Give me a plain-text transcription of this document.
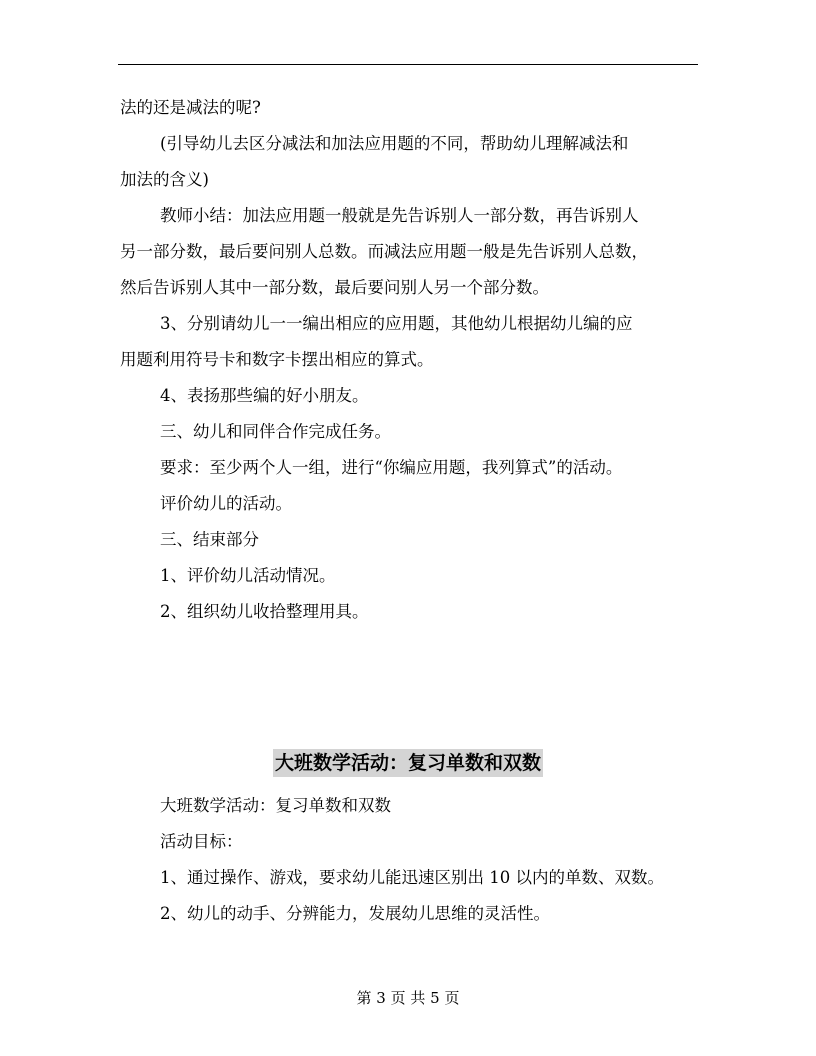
法的还是减法的呢?
(引导幼儿去区分减法和加法应用题的不同，帮助幼儿理解减法和
加法的含义)
教师小结：加法应用题一般就是先告诉别人一部分数，再告诉别人
另一部分数，最后要问别人总数。而减法应用题一般是先告诉别人总数，
然后告诉别人其中一部分数，最后要问别人另一个部分数。
3、分别请幼儿一一编出相应的应用题，其他幼儿根据幼儿编的应
用题利用符号卡和数字卡摆出相应的算式。
4、表扬那些编的好小朋友。
三、幼儿和同伴合作完成任务。
要求：至少两个人一组，进行“你编应用题，我列算式”的活动。
评价幼儿的活动。
三、结束部分
1、评价幼儿活动情况。
2、组织幼儿收拾整理用具。
大班数学活动：复习单数和双数
大班数学活动：复习单数和双数
活动目标：
1、通过操作、游戏，要求幼儿能迅速区别出 10 以内的单数、双数。
2、幼儿的动手、分辨能力，发展幼儿思维的灵活性。
第 3 页 共 5 页
